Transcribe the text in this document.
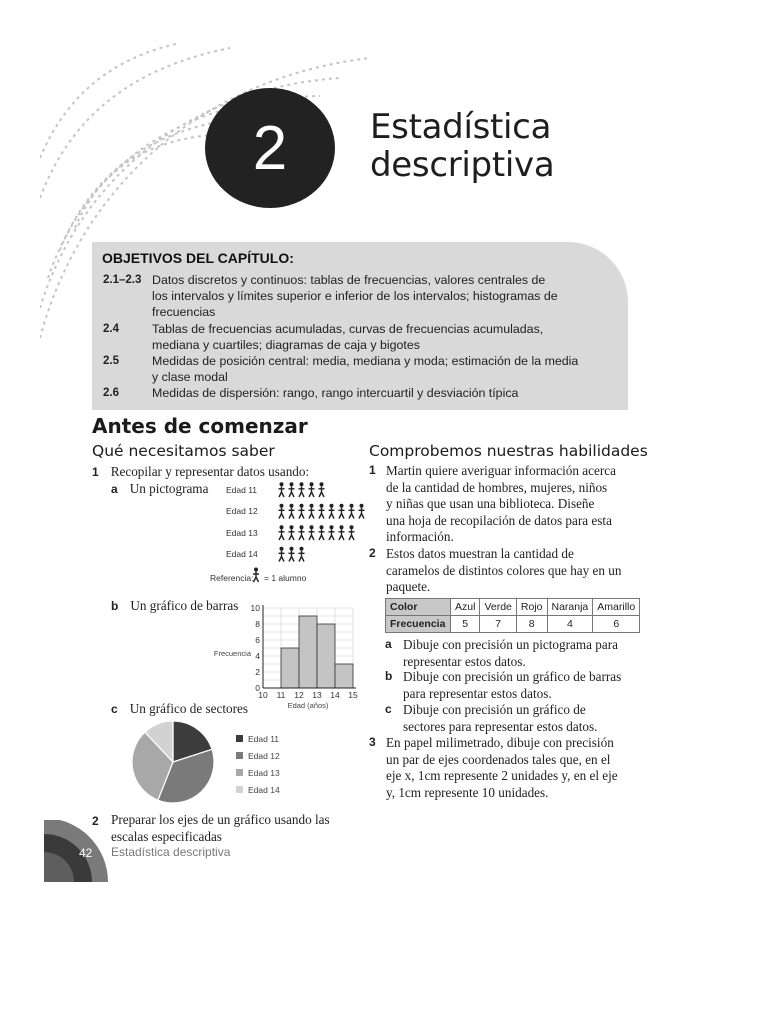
2 Estadística
descriptiva
OBJETIVOS DEL CAPÍTULO:
2.1–2.3 Datos discretos y continuos: tablas de frecuencias, valores centrales de
los intervalos y límites superior e inferior de los intervalos; histogramas de
frecuencias
2.4	Tablas de frecuencias acumuladas, curvas de frecuencias acumuladas,
mediana y cuartiles; diagramas de caja y bigotes
2.5	Medidas de posición central: media, mediana y moda; estimación de la media
y clase modal
2.6	Medidas de dispersión: rango, rango intercuartil y desviación típica
Antes de comenzar
Qué necesitamos saber	Comprobemos nuestras habilidades
1 Recopilar y representar datos usando:
a Un pictograma Edad 11
Edad 12
Edad 13
Edad 14
Referencia: = 1 alumno
b Un gráfico de barras
0
2
4
6
8
10
10 11 12 13 14 15
Frecuencia
Edad (años)
c Un gráfico de sectores
Edad 11
Edad 12
Edad 13
Edad 14
2 Preparar los ejes de un gráfico usando las
escalas especificadas
1 Martin quiere averiguar información acerca
de la cantidad de hombres, mujeres, niños
y niñas que usan una biblioteca. Diseñe
una hoja de recopilación de datos para esta
información.
2 Estos datos muestran la cantidad de
caramelos de distintos colores que hay en un
paquete.
Color	Azul	Verde	Rojo	Naranja	Amarillo
Frecuencia	5	7	8	4	6
a Dibuje con precisión un pictograma para
representar estos datos.
b Dibuje con precisión un gráfico de barras
para representar estos datos.
c Dibuje con precisión un gráfico de
sectores para representar estos datos.
3 En papel milimetrado, dibuje con precisión
un par de ejes coordenados tales que, en el
eje x, 1cm represente 2 unidades y, en el eje
y, 1cm represente 10 unidades.
42 Estadística descriptiva
